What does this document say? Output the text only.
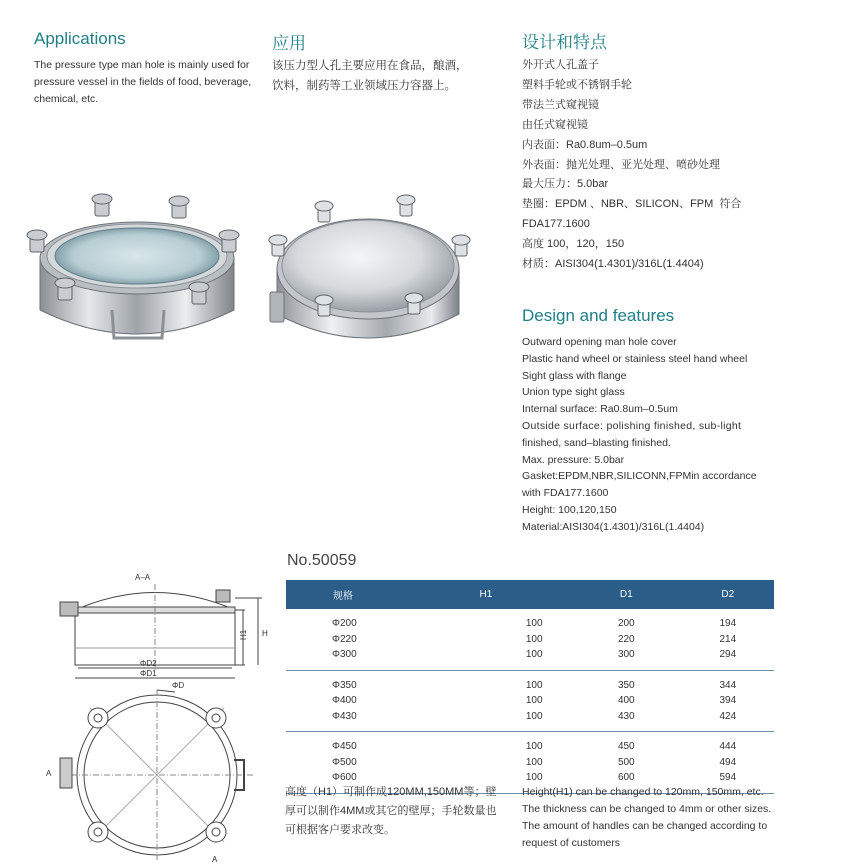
Applications
The pressure type man hole is mainly used for pressure vessel in the fields of food, beverage, chemical, etc.
应用
该压力型人孔主要应用在食品，酿酒，饮料，制药等工业领域压力容器上。
设计和特点
外开式人孔盖子
塑料手轮或不锈钢手轮
带法兰式窥视镜
由任式窥视镜
内表面：Ra0.8um–0.5um
外表面：抛光处理、亚光处理、喷砂处理
最大压力：5.0bar
垫圈：EPDM 、NBR、SILICON、FPM  符合
FDA177.1600
高度 100，120，150
材质：AISI304(1.4301)/316L(1.4404)
Design and features
Outward opening man hole cover
Plastic hand wheel or stainless steel hand wheel
Sight glass with flange
Union type sight glass
Internal surface: Ra0.8um–0.5um
Outside surface: polishing finished, sub-light
finished, sand–blasting finished.
Max. pressure: 5.0bar
Gasket:EPDM,NBR,SILICONN,FPMin accordance
with FDA177.1600
Height: 100,120,150
Material:AISI304(1.4301)/316L(1.4404)
No.50059
规格	H1	D1	D2

Φ200	100	200	194
Φ220	100	220	214
Φ300	100	300	294

Φ350	100	350	344
Φ400	100	400	394
Φ430	100	430	424

Φ450	100	450	444
Φ500	100	500	494
Φ600	100	600	594

高度（H1）可制作成120MM,150MM等；壁厚可以制作4MM或其它的壁厚；手轮数量也可根据客户要求改变。
Height(H1) can be changed to 120mm, 150mm, etc. The thickness can be changed to 4mm or other sizes. The amount of handles can be changed according to request of customers
A–A
H1 H
ΦD2
ΦD1
ΦD
A
A
